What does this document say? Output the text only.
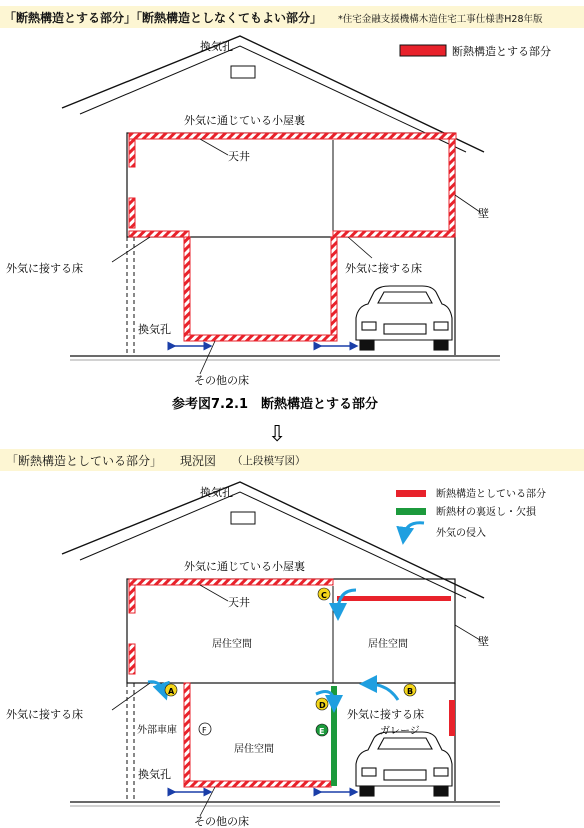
「断熱構造とする部分」「断熱構造としなくてもよい部分」 *住宅金融支援機構木造住宅工事仕様書H28年版
「断熱構造としている部分」 現況図 （上段模写図）
断熱構造とする部分
換気孔
外気に通じている小屋裏
天井
壁
外気に接する床	外気に接する床
換気孔
その他の床
参考図7.2.1　断熱構造とする部分
⇩
断熱構造としている部分
断熱材の裏返し・欠損
外気の侵入
換気孔
外気に通じている小屋裏
A	B
C
D
E
F
天井
壁
居住空間	居住空間
外気に接する床	外気に接する床
外部車庫
居住空間
ガレージ
換気孔
その他の床
